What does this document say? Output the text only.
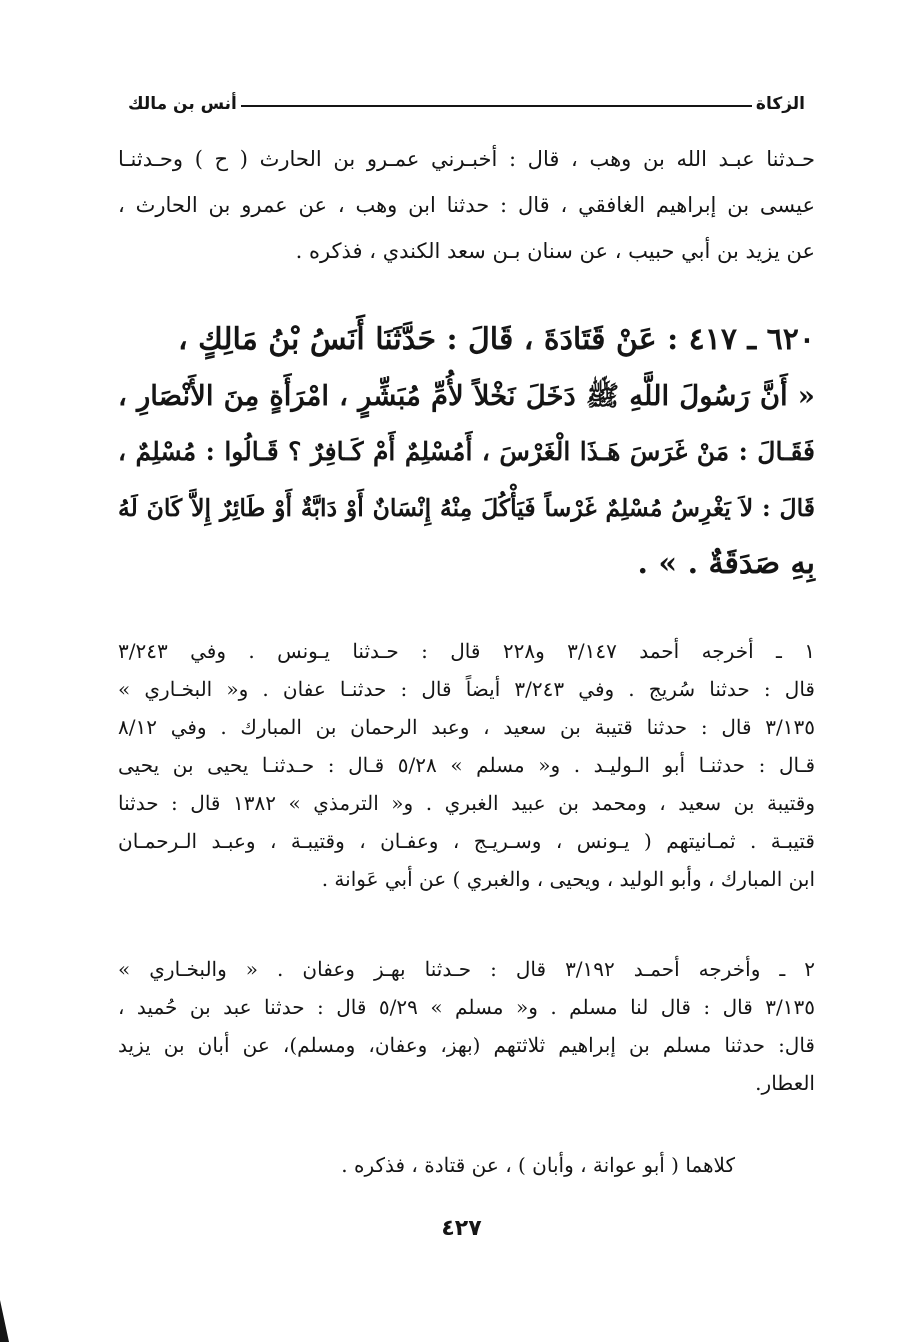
الزكاة
أنس بن مالك
حـدثنا عبـد الله بن وهب ، قال : أخبـرني عمـرو بن الحارث ( ح ) وحـدثنـا
عيسى بن إبراهيم الغافقي ، قال : حدثنا ابن وهب ، عن عمرو بن الحارث ،
عن يزيد بن أبي حبيب ، عن سنان بـن سعد الكندي ، فذكره .
٦٢٠ ـ ٤١٧ : عَنْ قَتَادَةَ ، قَالَ : حَدَّثَنَا أَنَسُ بْنُ مَالِكٍ ،
« أَنَّ رَسُولَ اللَّهِ ﷺ دَخَلَ نَخْلاً لأُمِّ مُبَشِّرٍ ، امْرَأَةٍ مِنَ الأَنْصَارِ ،
فَقَـالَ : مَنْ غَرَسَ هَـذَا الْغَرْسَ ، أَمُسْلِمٌ أَمْ كَـافِرٌ ؟ قَـالُوا : مُسْلِمٌ ،
قَالَ : لاَ يَغْرِسُ مُسْلِمٌ غَرْساً فَيَأْكُلَ مِنْهُ إِنْسَانٌ أَوْ دَابَّةٌ أَوْ طَائِرٌ إِلاَّ كَانَ لَهُ
بِهِ صَدَقَةٌ . » .
١ ـ أخرجه أحمد ٣/١٤٧ و٢٢٨ قال : حـدثنا يـونس . وفي ٣/٢٤٣
قال : حدثنا سُريج . وفي ٣/٢٤٣ أيضاً قال : حدثنـا عفان . و« البخـاري »
٣/١٣٥ قال : حدثنا قتيبة بن سعيد ، وعبد الرحمان بن المبارك . وفي ٨/١٢
قـال : حدثنـا أبو الـوليـد . و« مسلم » ٥/٢٨ قـال : حـدثنـا يحيى بن يحيى
وقتيبة بن سعيد ، ومحمد بن عبيد الغبري . و« الترمذي » ١٣٨٢ قال : حدثنا
قتيبـة . ثمـانيتهم ( يـونس ، وسـريـج ، وعفـان ، وقتيبـة ، وعبـد الـرحمـان
ابن المبارك ، وأبو الوليد ، ويحيى ، والغبري ) عن أبي عَوانة .
٢ ـ وأخرجه أحمـد ٣/١٩٢ قال : حـدثنا بهـز وعفان . « والبخـاري »
٣/١٣٥ قال : قال لنا مسلم . و« مسلم » ٥/٢٩ قال : حدثنا عبد بن حُميد ،
قال: حدثنا مسلم بن إبراهيم ثلاثتهم (بهز، وعفان، ومسلم)، عن أبان بن يزيد
العطار.
كلاهما ( أبو عوانة ، وأبان ) ، عن قتادة ، فذكره .
٤٢٧
